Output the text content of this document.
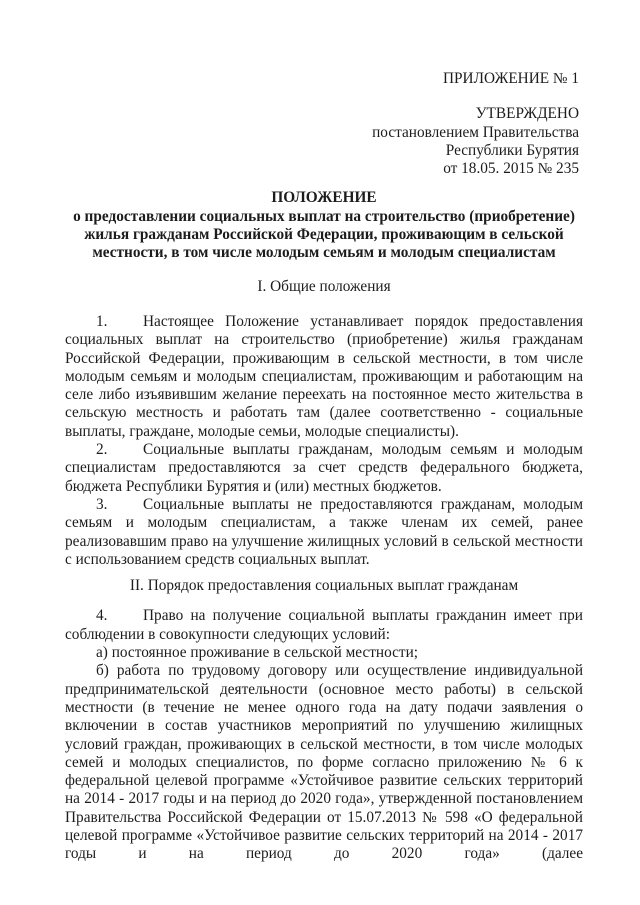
ПРИЛОЖЕНИЕ № 1
УТВЕРЖДЕНО
постановлением Правительства
Республики Бурятия
от 18.05. 2015 № 235
ПОЛОЖЕНИЕ
о предоставлении социальных выплат на строительство (приобретение) жилья гражданам Российской Федерации, проживающим в сельской местности, в том числе молодым семьям и молодым специалистам
I. Общие положения

1. Настоящее Положение устанавливает порядок предоставления социальных выплат на строительство (приобретение) жилья гражданам Российской Федерации, проживающим в сельской местности, в том числе молодым семьям и молодым специалистам, проживающим и работающим на селе либо изъявившим желание переехать на постоянное место жительства в сельскую местность и работать там (далее соответственно - социальные выплаты, граждане, молодые семьи, молодые специалисты).

2. Социальные выплаты гражданам, молодым семьям и молодым специалистам предоставляются за счет средств федерального бюджета, бюджета Республики Бурятия и (или) местных бюджетов.

3. Социальные выплаты не предоставляются гражданам, молодым семьям и молодым специалистам, а также членам их семей, ранее реализовавшим право на улучшение жилищных условий в сельской местности с использованием средств социальных выплат.

II. Порядок предоставления социальных выплат гражданам

4. Право на получение социальной выплаты гражданин имеет при соблюдении в совокупности следующих условий:

а) постоянное проживание в сельской местности;

б) работа по трудовому договору или осуществление индивидуальной предпринимательской деятельности (основное место работы) в сельской местности (в течение не менее одного года на дату подачи заявления о включении в состав участников мероприятий по улучшению жилищных условий граждан, проживающих в сельской местности, в том числе молодых семей и молодых специалистов, по форме согласно приложению № 6 к федеральной целевой программе «Устойчивое развитие сельских территорий на 2014 - 2017 годы и на период до 2020 года», утвержденной постановлением Правительства Российской Федерации от 15.07.2013 № 598 «О федеральной целевой программе «Устойчивое развитие сельских территорий на 2014 - 2017 годы и на период до 2020 года» (далее
